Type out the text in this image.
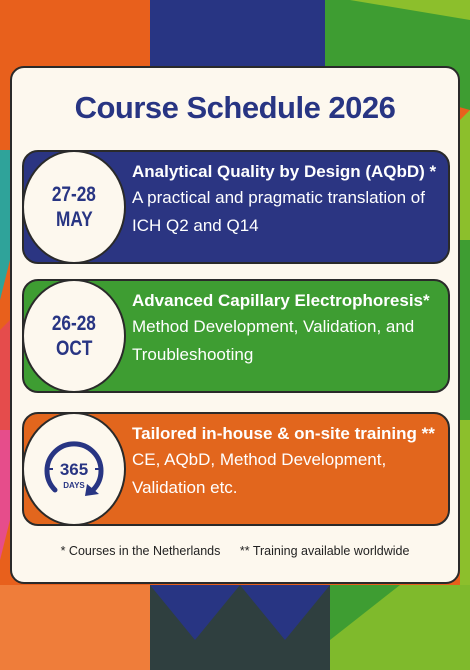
Course Schedule 2026
27-28
MAY
Analytical Quality by Design (AQbD) *
A practical and pragmatic translation of ICH Q2 and Q14
26-28
OCT
Advanced Capillary Electrophoresis*
Method Development, Validation, and Troubleshooting
365
DAYS
Tailored in-house & on-site training **
CE, AQbD, Method Development, Validation etc.
* Courses in the Netherlands ** Training available worldwide
